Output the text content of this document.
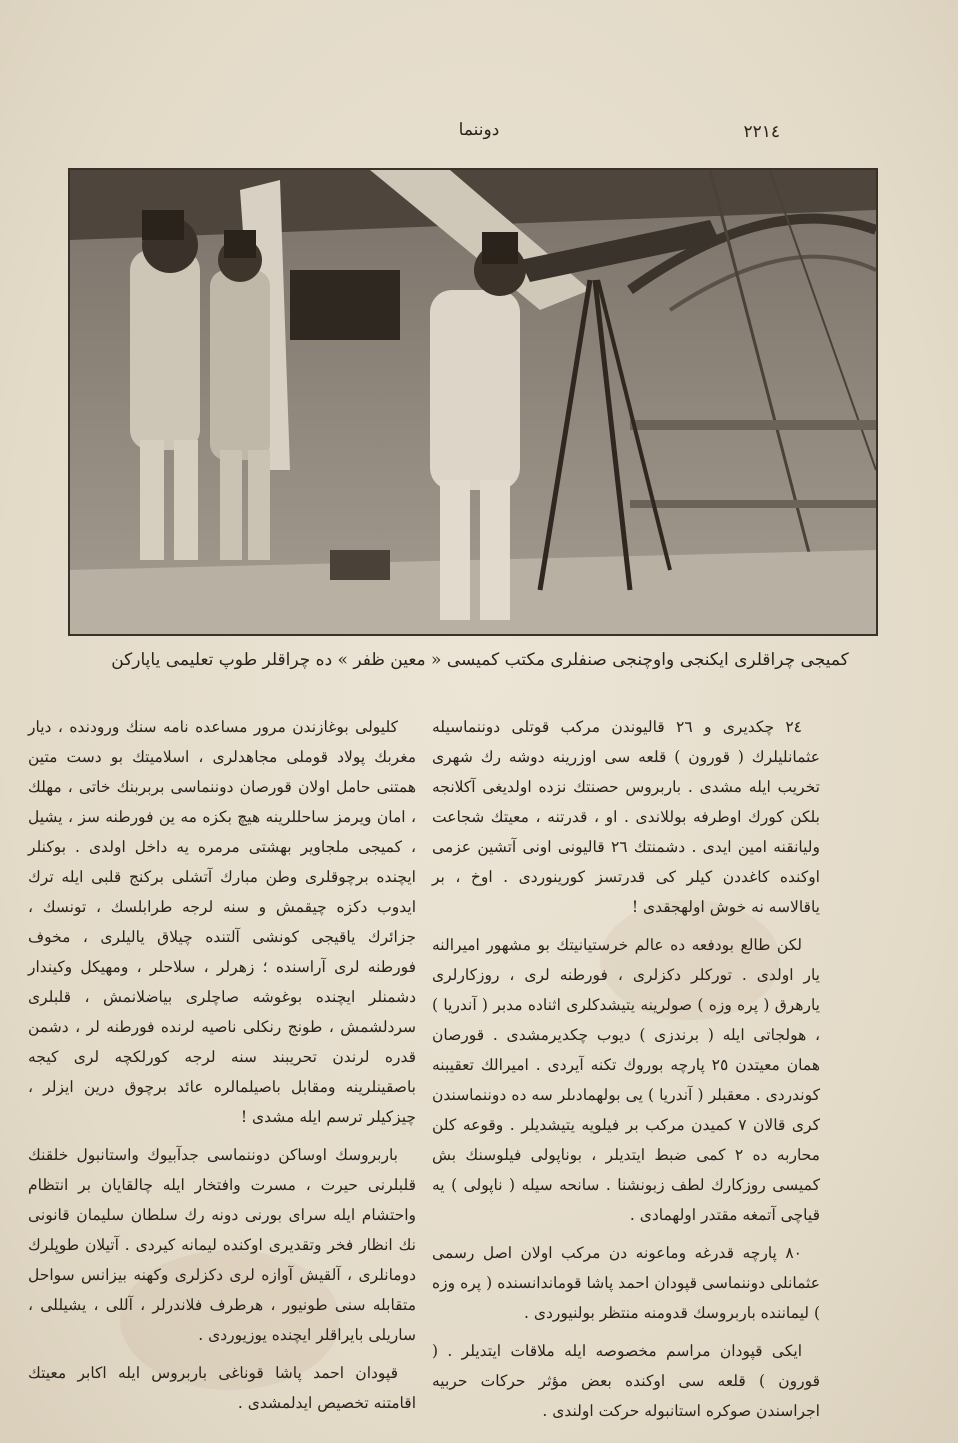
٢٢١٤
دوننما
كميجى چراقلرى ايكنجى واوچنجى صنفلرى مكتب كميسى « معين ظفر » ده چراقلر طوپ تعليمى ياپاركن

٢٤ چكديرى و ٢٦ قاليوندن مركب قوتلى دوننماسيله عثمانليلرك ( قورون ) قلعه سى اوزرينه دوشه رك شهرى تخريب ايله مشدى . باربروس حصنتك نزده اولديغى آكلانجه بلكن كورك اوطرفه بوللاندى . او ، قدرتنه ، معيتك شجاعت وليانقنه امين ايدى . دشمنتك ٢٦ قاليونى اونى آتشين عزمى اوكنده كاغددن كيلر كى قدرتسز كورينوردى . اوخ ، بر ياقالاسه نه خوش اولهجقدى !

لكن طالع بودفعه ده عالم خرستيانيتك بو مشهور اميرالنه يار اولدى . توركلر دكزلرى ، فورطنه لرى ، روزكارلرى يارهرق ( پره وزه ) صولرينه يتيشدكلرى اثناده مدبر ( آندريا ) ، هولجاتى ايله ( برندزى ) ديوب چكديرمشدى . قورصان همان معيتدن ٢٥ پارچه بوروك تكنه آيردى . اميرالك تعقيبنه كوندردى . معقبلر ( آندريا ) يى بولهمادىلر سه ده دوننماسندن كرى قالان ٧ كميدن مركب بر فيلويه يتيشديلر . وقوعه كلن محاربه ده ٢ كمى ضبط ايتديلر ، بوناپولى فيلوسنك بش كميسى روزكارك لطف زبونشنا . سانحه سيله ( ناپولى ) يه قياچى آتمغه مقتدر اولهمادى .

٨٠ پارچه قدرغه وماعونه دن مركب اولان اصل رسمى عثمانلى دوننماسى قپودان احمد پاشا قوماندانسنده ( پره وزه ) ليماننده باربروسك قدومنه منتظر بولنيوردى .

ايكى قپودان مراسم مخصوصه ايله ملاقات ايتديلر . ( قورون ) قلعه سى اوكنده بعض مؤثر حركات حربيه اجراسندن صوكره استانبوله حركت اولندى .

كليولى بوغازندن مرور مساعده نامه سنك ورودنده ، ديار مغربك پولاد قوملى مجاهدلرى ، اسلاميتك بو دست متين همتنى حامل اولان قورصان دوننماسى بربربنك خاتى ، مهلك ، امان ويرمز ساحللرينه هيچ بكزه مه ين فورطنه سز ، يشيل ، كميجى ملجاوير بهشتى مرمره يه داخل اولدى . بوكنلر ايچنده برچوقلرى وطن مبارك آتشلى بركنج قلبى ايله ترك ايدوب دكزه چيقمش و سنه لرجه طرابلسك ، تونسك ، جزائرك ياقيجى كونشى آلتنده چيلاق ياليلرى ، مخوف فورطنه لرى آراسنده ؛ زهرلر ، سلاحلر ، ومهيكل وكيندار دشمنلر ايچنده بوغوشه صاچلرى بياضلانمش ، قلبلرى سردلشمش ، طونج رنكلى ناصيه لرنده فورطنه لر ، دشمن قدره لرندن تحريبند سنه لرجه كورلكچه لرى كيجه باصقينلرينه ومقابل باصيلمالره عائد برچوق درين ايزلر ، چيزكيلر ترسم ايله مشدى !

باربروسك اوساكن دوننماسى جدآبيوك واستانبول خلقنك قلبلرنى حيرت ، مسرت وافتخار ايله چالقايان بر انتظام واحتشام ايله سراى بورنى دونه رك سلطان سليمان قانونى نك انظار فخر وتقديرى اوكنده ليمانه كيردى . آتيلان طوپلرك دومانلرى ، آلقيش آوازه لرى دكزلرى وكهنه بيزانس سواحل متقابله سنى طونيور ، هرطرف فلاندرلر ، آللى ، يشيللى ، ساريلى بايراقلر ايچنده يوزيوردى .

قپودان احمد پاشا قوناغى باربروس ايله اكابر معيتك اقامتنه تخصيص ايدلمشدى .
